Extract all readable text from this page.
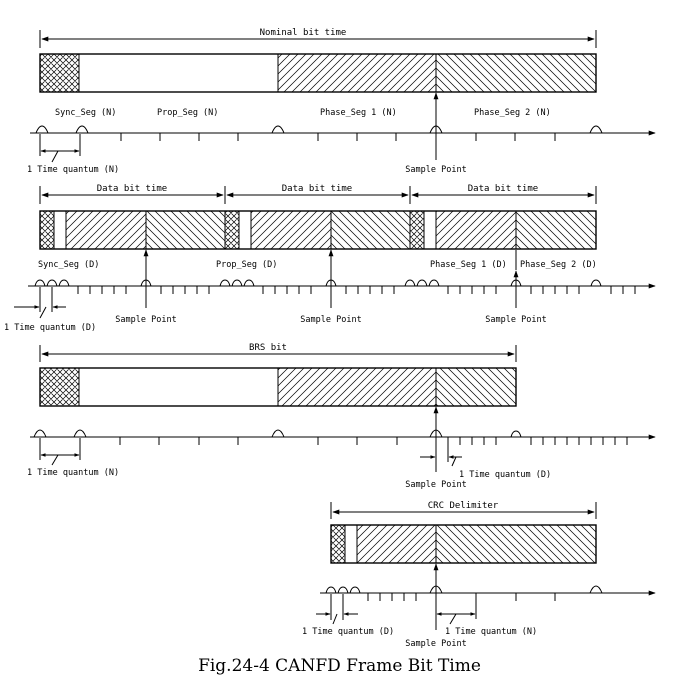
Nominal bit time
Sync_Seg (N)	Prop_Seg (N)	Phase_Seg 1 (N)	Phase_Seg 2 (N)
1 Time quantum (N)	Sample Point
Data bit time	Data bit time	Data bit time
Sync_Seg (D)	Prop_Seg (D)	Phase_Seg 1 (D) Phase_Seg 2 (D)
1 Time quantum (D)
Sample Point	Sample Point	Sample Point
BRS bit
1 Time quantum (N)	1 Time quantum (D)
Sample Point
CRC Delimiter
1 Time quantum (D)	1 Time quantum (N)
Sample Point
Fig.24-4 CANFD Frame Bit Time
